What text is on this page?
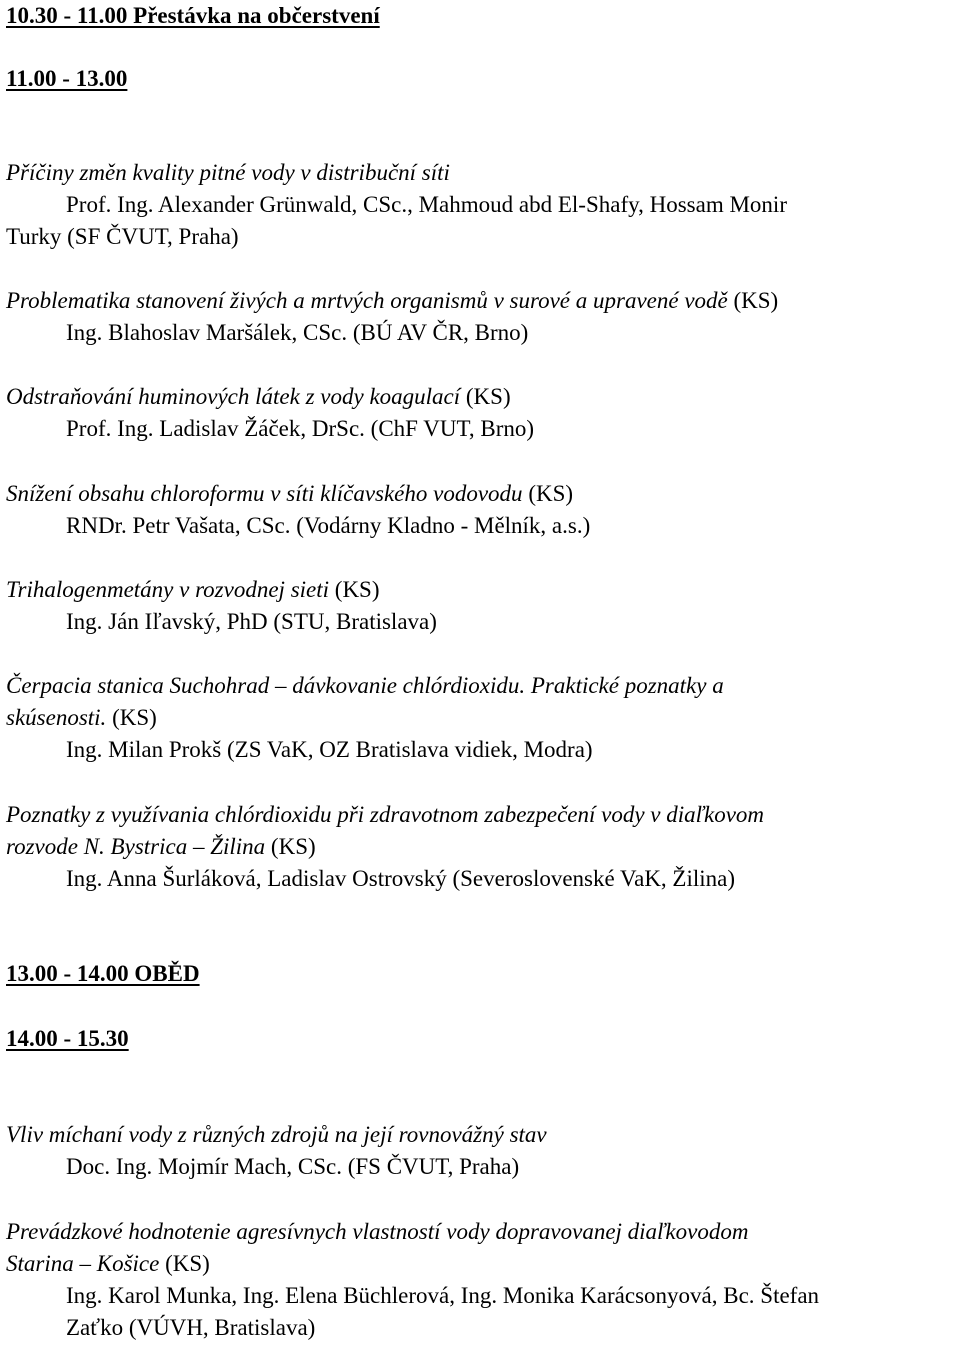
10.30 - 11.00 Přestávka na občerstvení
11.00 - 13.00
Příčiny změn kvality pitné vody v distribuční síti
Prof. Ing. Alexander Grünwald, CSc., Mahmoud abd El-Shafy, Hossam Monir
Turky (SF ČVUT, Praha)
Problematika stanovení živých a mrtvých organismů v surové a upravené vodě (KS)
Ing. Blahoslav Maršálek, CSc. (BÚ AV ČR, Brno)
Odstraňování huminových látek z vody koagulací (KS)
Prof. Ing. Ladislav Žáček, DrSc. (ChF VUT, Brno)
Snížení obsahu chloroformu v síti klíčavského vodovodu (KS)
RNDr. Petr Vašata, CSc. (Vodárny Kladno - Mělník, a.s.)
Trihalogenmetány v rozvodnej sieti (KS)
Ing. Ján Iľavský, PhD (STU, Bratislava)
Čerpacia stanica Suchohrad – dávkovanie chlórdioxidu. Praktické poznatky a
skúsenosti. (KS)
Ing. Milan Prokš (ZS VaK, OZ Bratislava vidiek, Modra)
Poznatky z využívania chlórdioxidu při zdravotnom zabezpečení vody v diaľkovom
rozvode N. Bystrica – Žilina (KS)
Ing. Anna Šurláková, Ladislav Ostrovský (Severoslovenské VaK, Žilina)
13.00 - 14.00 OBĚD
14.00 - 15.30
Vliv míchaní vody z různých zdrojů na její rovnovážný stav
Doc. Ing. Mojmír Mach, CSc. (FS ČVUT, Praha)
Prevádzkové hodnotenie agresívnych vlastností vody dopravovanej diaľkovodom
Starina – Košice (KS)
Ing. Karol Munka, Ing. Elena Büchlerová, Ing. Monika Karácsonyová, Bc. Štefan
Zaťko (VÚVH, Bratislava)
